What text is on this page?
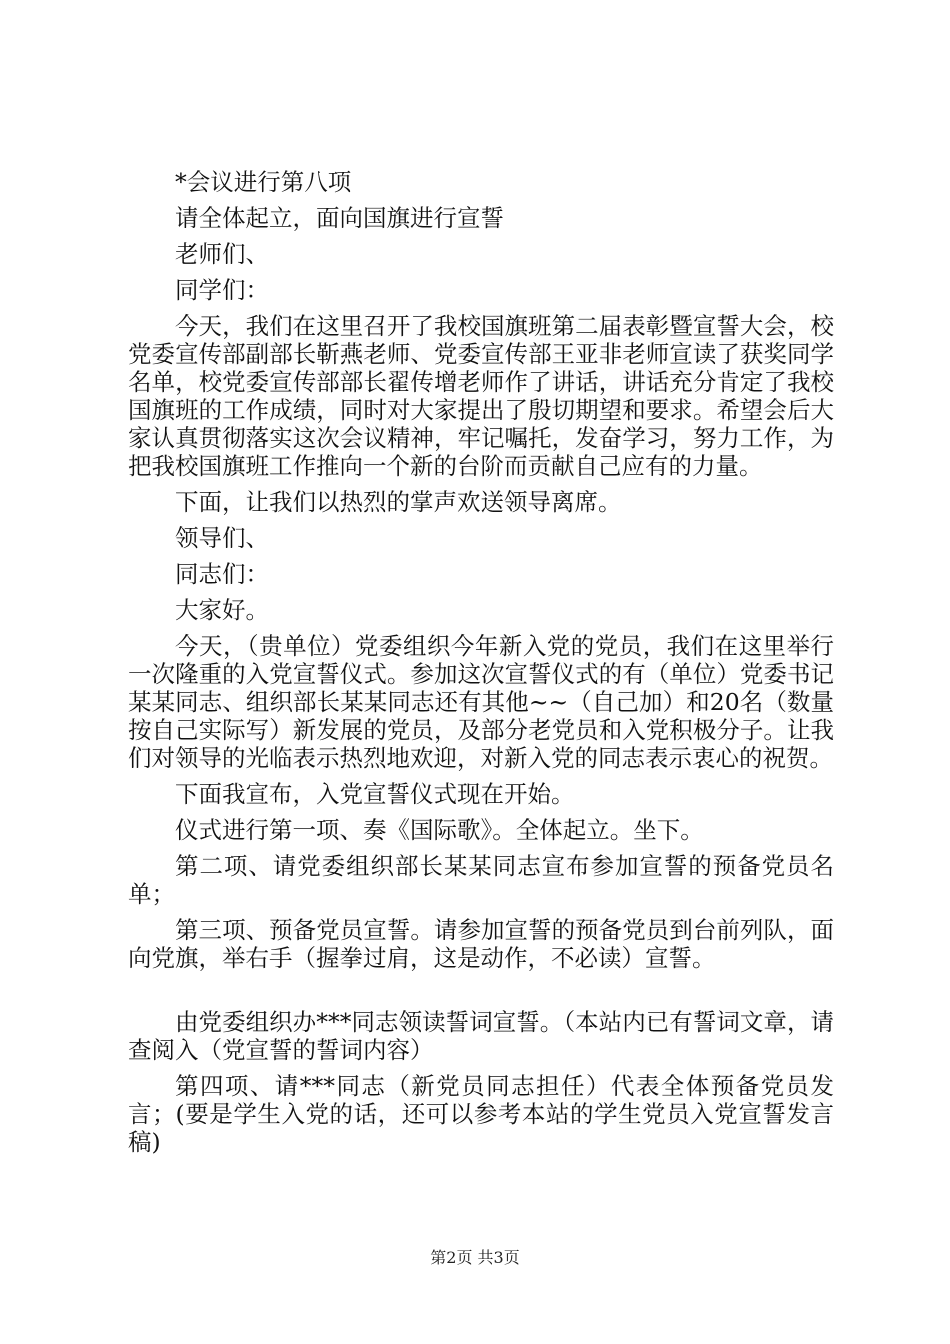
*会议进行第八项

请全体起立，面向国旗进行宣誓

老师们、

同学们：

今天，我们在这里召开了我校国旗班第二届表彰暨宣誓大会，校党委宣传部副部长靳燕老师、党委宣传部王亚非老师宣读了获奖同学名单，校党委宣传部部长翟传增老师作了讲话，讲话充分肯定了我校国旗班的工作成绩，同时对大家提出了殷切期望和要求。希望会后大家认真贯彻落实这次会议精神，牢记嘱托，发奋学习，努力工作，为把我校国旗班工作推向一个新的台阶而贡献自己应有的力量。

下面，让我们以热烈的掌声欢送领导离席。

领导们、

同志们：

大家好。

今天，（贵单位）党委组织今年新入党的党员，我们在这里举行一次隆重的入党宣誓仪式。参加这次宣誓仪式的有（单位）党委书记某某同志、组织部长某某同志还有其他~~（自己加）和20名（数量按自己实际写）新发展的党员，及部分老党员和入党积极分子。让我们对领导的光临表示热烈地欢迎，对新入党的同志表示衷心的祝贺。

下面我宣布，入党宣誓仪式现在开始。

仪式进行第一项、奏《国际歌》。全体起立。坐下。

第二项、请党委组织部长某某同志宣布参加宣誓的预备党员名单；

第三项、预备党员宣誓。请参加宣誓的预备党员到台前列队，面向党旗，举右手（握拳过肩，这是动作，不必读）宣誓。

由党委组织办***同志领读誓词宣誓。（本站内已有誓词文章，请查阅入（党宣誓的誓词内容）

第四项、请***同志（新党员同志担任）代表全体预备党员发言；(要是学生入党的话，还可以参考本站的学生党员入党宣誓发言稿)

第2页 共3页
